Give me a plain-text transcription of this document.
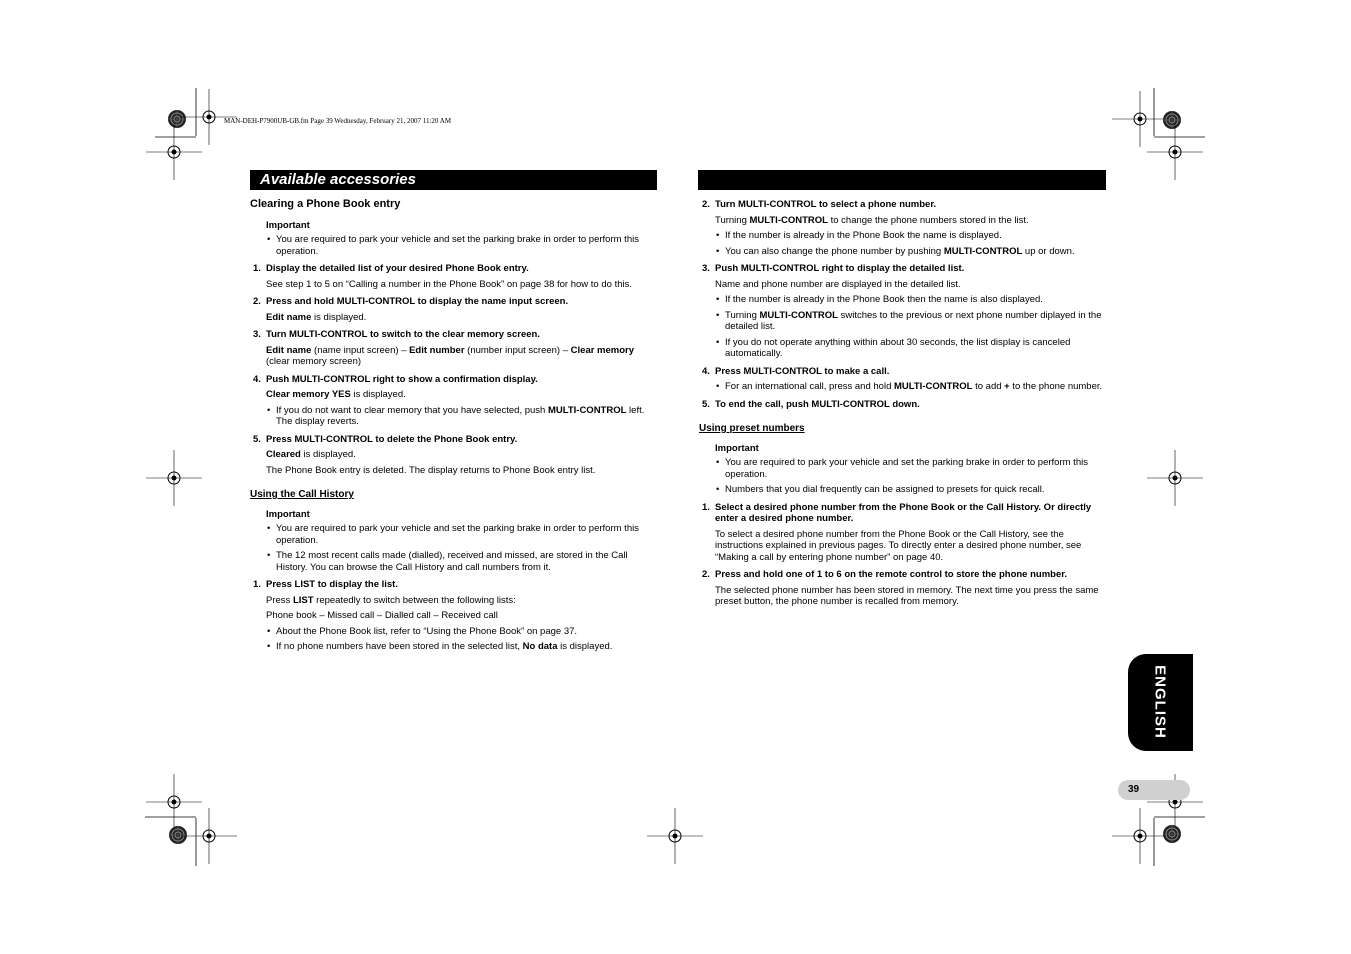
MAN-DEH-P7900UB-GB.fm Page 39 Wednesday, February 21, 2007 11:20 AM
Available accessories
Clearing a Phone Book entry
Important
• You are required to park your vehicle and set the parking brake in order to perform this operation.
1. Display the detailed list of your desired Phone Book entry.
See step 1 to 5 on “Calling a number in the Phone Book” on page 38 for how to do this.
2. Press and hold MULTI-CONTROL to display the name input screen.
Edit name is displayed.
3. Turn MULTI-CONTROL to switch to the clear memory screen.
Edit name (name input screen) – Edit number (number input screen) – Clear memory (clear memory screen)
4. Push MULTI-CONTROL right to show a confirmation display.
Clear memory YES is displayed.
• If you do not want to clear memory that you have selected, push MULTI-CONTROL left. The display reverts.
5. Press MULTI-CONTROL to delete the Phone Book entry.
Cleared is displayed.
The Phone Book entry is deleted. The display returns to Phone Book entry list.
Using the Call History
Important
• You are required to park your vehicle and set the parking brake in order to perform this operation.
• The 12 most recent calls made (dialled), received and missed, are stored in the Call History. You can browse the Call History and call numbers from it.
1. Press LIST to display the list.
Press LIST repeatedly to switch between the following lists:
Phone book – Missed call – Dialled call – Received call
• About the Phone Book list, refer to “Using the Phone Book” on page 37.
• If no phone numbers have been stored in the selected list, No data is displayed.
2. Turn MULTI-CONTROL to select a phone number.
Turning MULTI-CONTROL to change the phone numbers stored in the list.
• If the number is already in the Phone Book the name is displayed.
• You can also change the phone number by pushing MULTI-CONTROL up or down.
3. Push MULTI-CONTROL right to display the detailed list.
Name and phone number are displayed in the detailed list.
• If the number is already in the Phone Book then the name is also displayed.
• Turning MULTI-CONTROL switches to the previous or next phone number diplayed in the detailed list.
• If you do not operate anything within about 30 seconds, the list display is canceled automatically.
4. Press MULTI-CONTROL to make a call.
• For an international call, press and hold MULTI-CONTROL to add + to the phone number.
5. To end the call, push MULTI-CONTROL down.
Using preset numbers
Important
• You are required to park your vehicle and set the parking brake in order to perform this operation.
• Numbers that you dial frequently can be assigned to presets for quick recall.
1. Select a desired phone number from the Phone Book or the Call History. Or directly enter a desired phone number.
To select a desired phone number from the Phone Book or the Call History, see the instructions explained in previous pages. To directly enter a desired phone number, see “Making a call by entering phone number” on page 40.
2. Press and hold one of 1 to 6 on the remote control to store the phone number.
The selected phone number has been stored in memory. The next time you press the same preset button, the phone number is recalled from memory.
ENGLISH
39
